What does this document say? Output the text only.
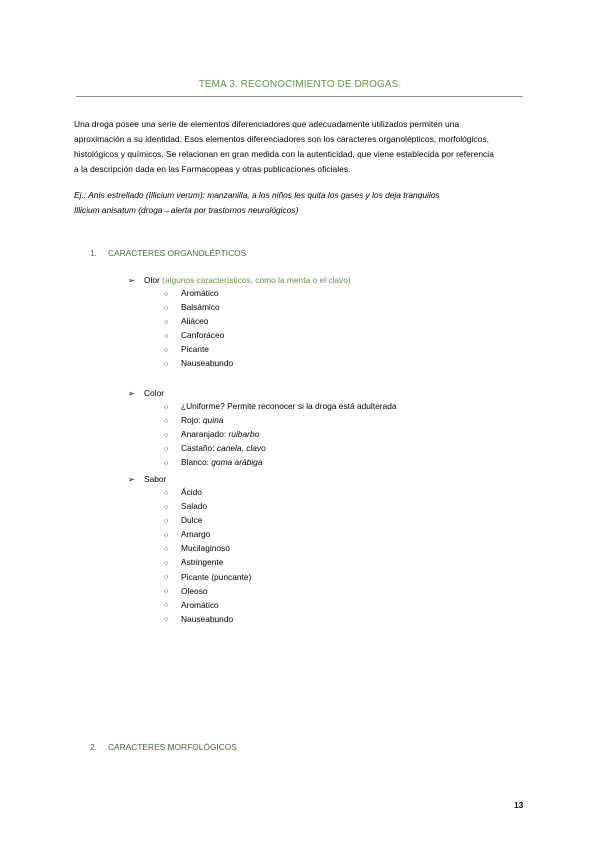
TEMA 3. RECONOCIMIENTO DE DROGAS.
Una droga posee una serie de elementos diferenciadores que adecuadamente utilizados permiten una
aproximación a su identidad. Esos elementos diferenciadores son los caracteres organolépticos, morfológicos,
histológicos y químicos. Se relacionan en gran medida con la autenticidad, que viene establecida por referencia
a la descripción dada en las Farmacopeas y otras publicaciones oficiales.
Ej.: Anís estrellado (Illicium verum): manzanilla, a los niños les quita los gases y los deja tranquilos
Illicium anisatum (droga→alerta por trastornos neurológicos)
1. CARACTERES ORGANOLÉPTICOS
➢ Olor (algunos característicos, como la menta o el clavo)
○ Aromático
○ Balsámico
○ Aliáceo
○ Canforáceo
○ Picante
○ Nauseabundo
➢ Color
○ ¿Uniforme? Permite reconocer si la droga está adulterada
○ Rojo: quina
○ Anaranjado: ruibarbo
○ Castaño: canela, clavo
○ Blanco: goma arábiga
➢ Sabor
○ Ácido
○ Salado
○ Dulce
○ Amargo
○ Mucilaginoso
○ Astringente
○ Picante (puncante)
○ Oleoso
○ Aromático
○ Nauseabundo
2. CARACTERES MORFOLÓGICOS
13
